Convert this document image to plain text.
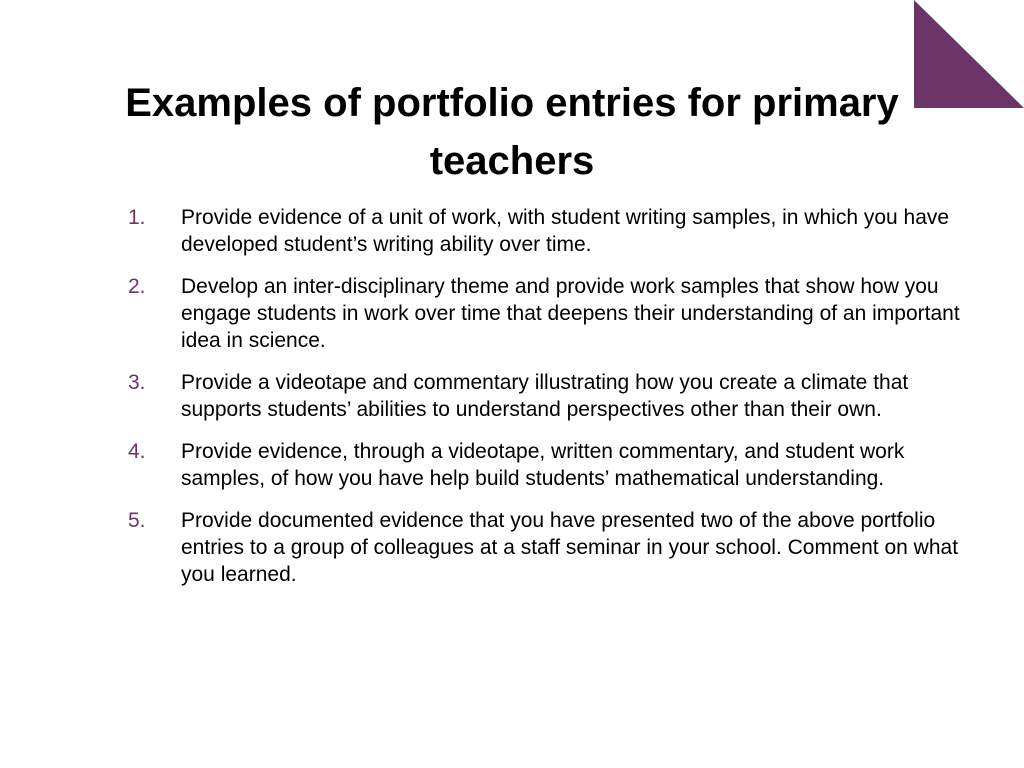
Examples of portfolio entries for primary teachers
1.	Provide evidence of a unit of work, with student writing samples, in which you have developed student’s writing ability over time.
2.	Develop an inter-disciplinary theme and provide work samples that show how you engage students in work over time that deepens their understanding of an important idea in science.
3.	Provide a videotape and commentary illustrating how you create a climate that supports students’ abilities to understand perspectives other than their own.
4.	Provide evidence, through a videotape, written commentary, and student work samples, of how you have help build students’ mathematical understanding.
5.	Provide documented evidence that you have presented two of the above portfolio entries to a group of colleagues at a staff seminar in your school. Comment on what you learned.
